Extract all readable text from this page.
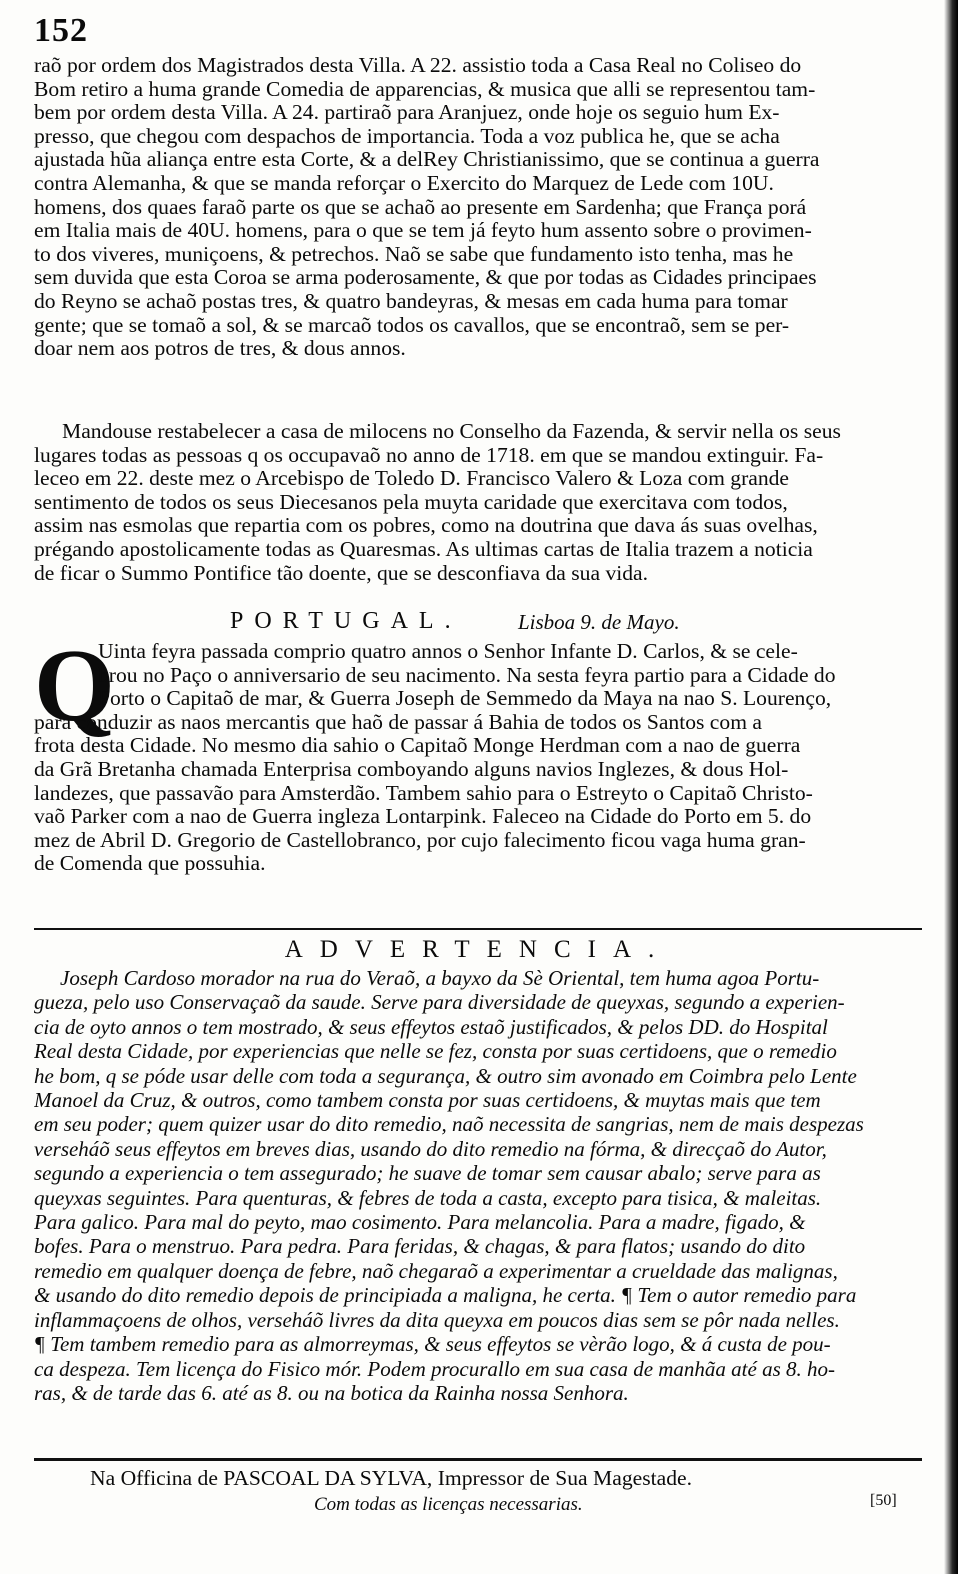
152
raõ por ordem dos Magistrados desta Villa. A 22. assistio toda a Casa Real no Coliseo do
Bom retiro a huma grande Comedia de apparencias, & musica que alli se representou tam-
bem por ordem desta Villa. A 24. partiraõ para Aranjuez, onde hoje os seguio hum Ex-
presso, que chegou com despachos de importancia. Toda a voz publica he, que se acha
ajustada hũa aliança entre esta Corte, & a delRey Christianissimo, que se continua a guerra
contra Alemanha, & que se manda reforçar o Exercito do Marquez de Lede com 10U.
homens, dos quaes faraõ parte os que se achaõ ao presente em Sardenha; que França porá
em Italia mais de 40U. homens, para o que se tem já feyto hum assento sobre o provimen-
to dos viveres, muniçoens, & petrechos. Naõ se sabe que fundamento isto tenha, mas he
sem duvida que esta Coroa se arma poderosamente, & que por todas as Cidades principaes
do Reyno se achaõ postas tres, & quatro bandeyras, & mesas em cada huma para tomar
gente; que se tomaõ a sol, & se marcaõ todos os cavallos, que se encontraõ, sem se per-
doar nem aos potros de tres, & dous annos.
Mandouse restabelecer a casa de milocens no Conselho da Fazenda, & servir nella os seus
lugares todas as pessoas q os occupavaõ no anno de 1718. em que se mandou extinguir. Fa-
leceo em 22. deste mez o Arcebispo de Toledo D. Francisco Valero & Loza com grande
sentimento de todos os seus Diecesanos pela muyta caridade que exercitava com todos,
assim nas esmolas que repartia com os pobres, como na doutrina que dava ás suas ovelhas,
prégando apostolicamente todas as Quaresmas. As ultimas cartas de Italia trazem a noticia
de ficar o Summo Pontifice tão doente, que se desconfiava da sua vida.
PORTUGAL.	Lisboa 9. de Mayo.
Q
Uinta feyra passada comprio quatro annos o Senhor Infante D. Carlos, & se cele-
brou no Paço o anniversario de seu nacimento. Na sesta feyra partio para a Cidade do
Porto o Capitaõ de mar, & Guerra Joseph de Semmedo da Maya na nao S. Lourenço,
para conduzir as naos mercantis que haõ de passar á Bahia de todos os Santos com a
frota desta Cidade. No mesmo dia sahio o Capitaõ Monge Herdman com a nao de guerra
da Grã Bretanha chamada Enterprisa comboyando alguns navios Inglezes, & dous Hol-
landezes, que passavão para Amsterdão. Tambem sahio para o Estreyto o Capitaõ Christo-
vaõ Parker com a nao de Guerra ingleza Lontarpink. Faleceo na Cidade do Porto em 5. do
mez de Abril D. Gregorio de Castellobranco, por cujo falecimento ficou vaga huma gran-
de Comenda que possuhia.
ADVERTENCIA.
Joseph Cardoso morador na rua do Veraõ, a bayxo da Sè Oriental, tem huma agoa Portu-
gueza, pelo uso Conservaçaõ da saude. Serve para diversidade de queyxas, segundo a experien-
cia de oyto annos o tem mostrado, & seus effeytos estaõ justificados, & pelos DD. do Hospital
Real desta Cidade, por experiencias que nelle se fez, consta por suas certidoens, que o remedio
he bom, q se póde usar delle com toda a segurança, & outro sim avonado em Coimbra pelo Lente
Manoel da Cruz, & outros, como tambem consta por suas certidoens, & muytas mais que tem
em seu poder; quem quizer usar do dito remedio, naõ necessita de sangrias, nem de mais despezas
verseháõ seus effeytos em breves dias, usando do dito remedio na fórma, & direcçaõ do Autor,
segundo a experiencia o tem assegurado; he suave de tomar sem causar abalo; serve para as
queyxas seguintes. Para quenturas, & febres de toda a casta, excepto para tisica, & maleitas.
Para galico. Para mal do peyto, mao cosimento. Para melancolia. Para a madre, figado, &
bofes. Para o menstruo. Para pedra. Para feridas, & chagas, & para flatos; usando do dito
remedio em qualquer doença de febre, naõ chegaraõ a experimentar a crueldade das malignas,
& usando do dito remedio depois de principiada a maligna, he certa. ¶ Tem o autor remedio para
inflammaçoens de olhos, verseháõ livres da dita queyxa em poucos dias sem se pôr nada nelles.
¶ Tem tambem remedio para as almorreymas, & seus effeytos se vèrão logo, & á custa de pou-
ca despeza. Tem licença do Fisico mór. Podem procurallo em sua casa de manhãa até as 8. ho-
ras, & de tarde das 6. até as 8. ou na botica da Rainha nossa Senhora.
Na Officina de PASCOAL DA SYLVA, Impressor de Sua Magestade.
Com todas as licenças necessarias.	[50]
